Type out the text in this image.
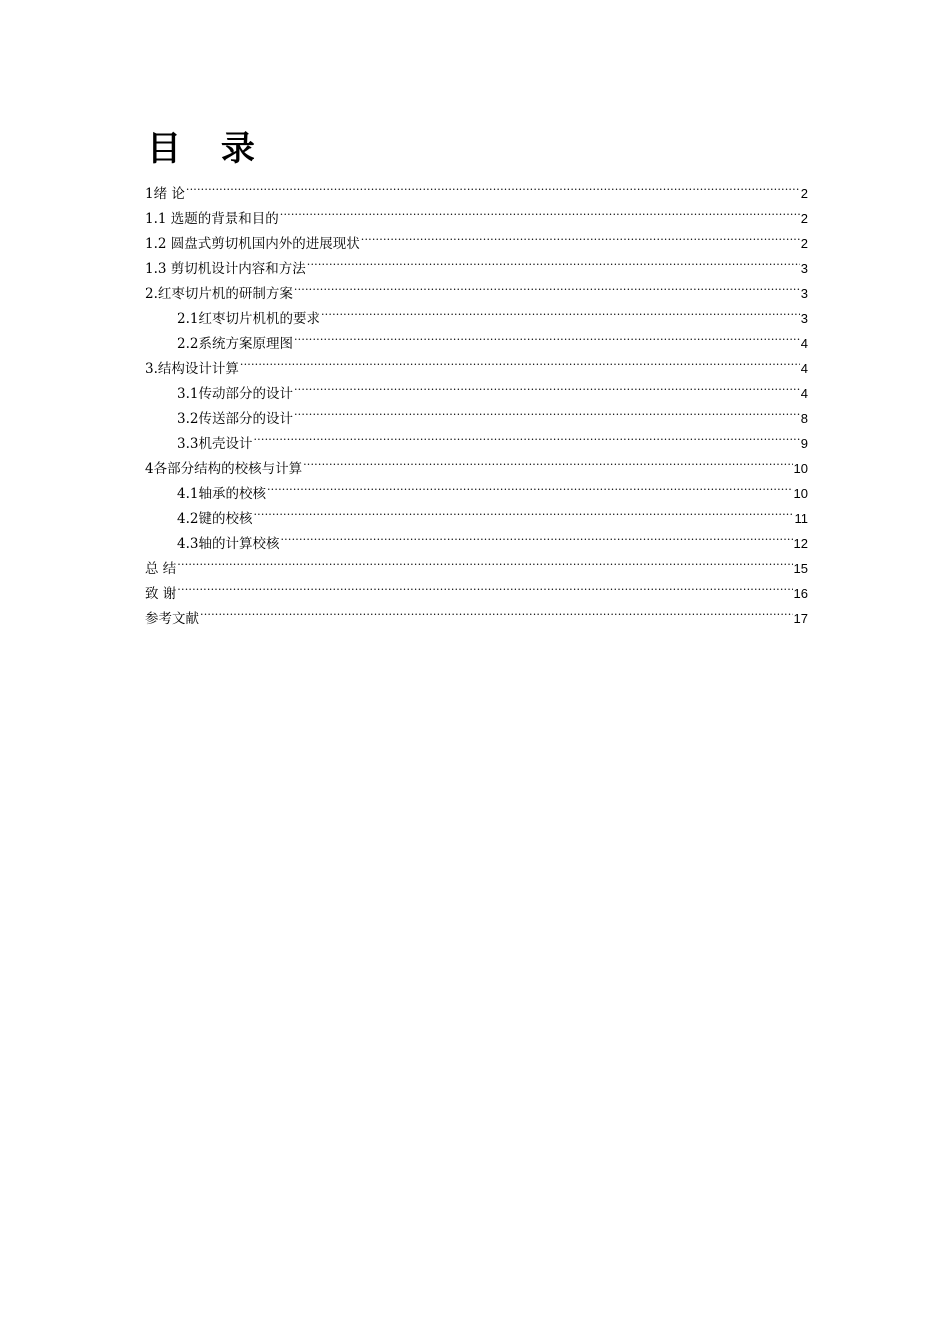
目 录
1绪 论 .....	2
1.1 选题的背景和目的 .....	2
1.2 圆盘式剪切机国内外的进展现状 .....	2
1.3 剪切机设计内容和方法 .....	3
2.红枣切片机的研制方案 .....	3
2.1红枣切片机机的要求 .....	3
2.2系统方案原理图 .....	4
3.结构设计计算 .....	4
3.1传动部分的设计 .....	4
3.2传送部分的设计 .....	8
3.3机壳设计 .....	9
4各部分结构的校核与计算 .....	10
4.1轴承的校核 .....	10
4.2键的校核 .....	11
4.3轴的计算校核 .....	12
总 结 .....	15
致 谢 .....	16
参考文献 .....	17
